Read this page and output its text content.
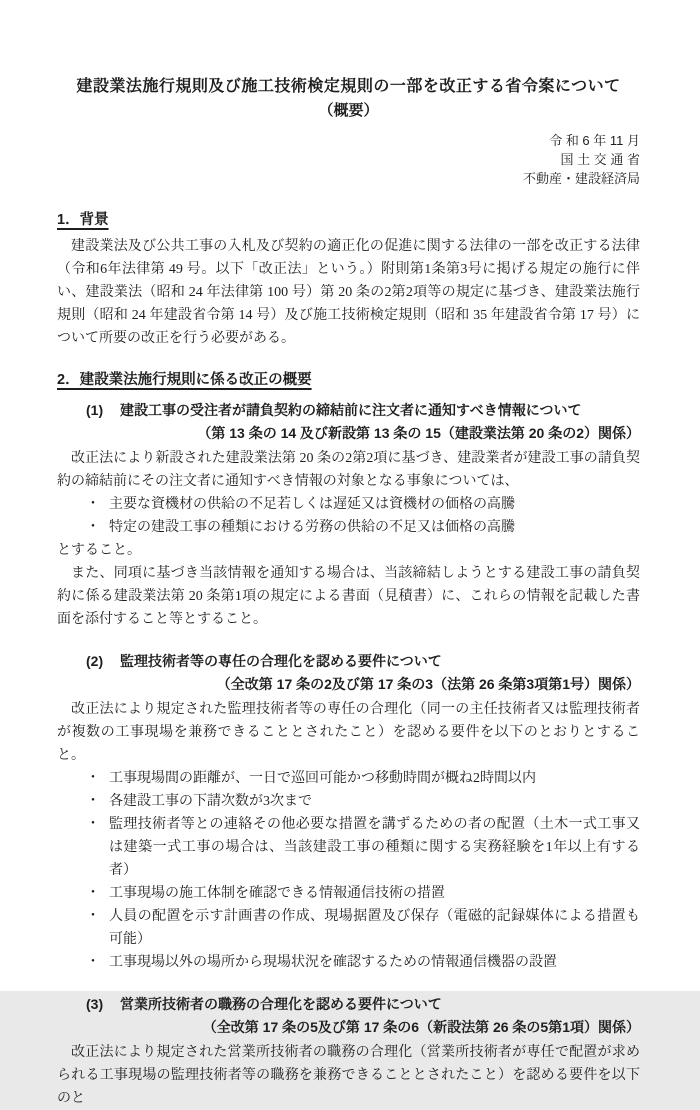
建設業法施行規則及び施工技術検定規則の一部を改正する省令案について
（概要）
令 和 6 年 11 月
国 土 交 通 省
不動産・建設経済局
1．背景

建設業法及び公共工事の入札及び契約の適正化の促進に関する法律の一部を改正する法律（令和6年法律第 49 号。以下「改正法」という。）附則第1条第3号に掲げる規定の施行に伴い、建設業法（昭和 24 年法律第 100 号）第 20 条の2第2項等の規定に基づき、建設業法施行規則（昭和 24 年建設省令第 14 号）及び施工技術検定規則（昭和 35 年建設省令第 17 号）について所要の改正を行う必要がある。

2．建設業法施行規則に係る改正の概要
(1)	建設工事の受注者が請負契約の締結前に注文者に通知すべき情報について
（第 13 条の 14 及び新設第 13 条の 15（建設業法第 20 条の2）関係）

改正法により新設された建設業法第 20 条の2第2項に基づき、建設業者が建設工事の請負契約の締結前にその注文者に通知すべき情報の対象となる事象については、

・ 主要な資機材の供給の不足若しくは遅延又は資機材の価格の高騰
・ 特定の建設工事の種類における労務の供給の不足又は価格の高騰
とすること。

また、同項に基づき当該情報を通知する場合は、当該締結しようとする建設工事の請負契約に係る建設業法第 20 条第1項の規定による書面（見積書）に、これらの情報を記載した書面を添付すること等とすること。

(2)	監理技術者等の専任の合理化を認める要件について
（全改第 17 条の2及び第 17 条の3（法第 26 条第3項第1号）関係）

改正法により規定された監理技術者等の専任の合理化（同一の主任技術者又は監理技術者が複数の工事現場を兼務できることとされたこと）を認める要件を以下のとおりとすること。

・ 工事現場間の距離が、一日で巡回可能かつ移動時間が概ね2時間以内
・ 各建設工事の下請次数が3次まで
・ 監理技術者等との連絡その他必要な措置を講ずるための者の配置（土木一式工事又は建築一式工事の場合は、当該建設工事の種類に関する実務経験を1年以上有する者）
・ 工事現場の施工体制を確認できる情報通信技術の措置
・ 人員の配置を示す計画書の作成、現場据置及び保存（電磁的記録媒体による措置も可能）
・ 工事現場以外の場所から現場状況を確認するための情報通信機器の設置
(3)	営業所技術者の職務の合理化を認める要件について
（全改第 17 条の5及び第 17 条の6（新設法第 26 条の5第1項）関係）

改正法により規定された営業所技術者の職務の合理化（営業所技術者が専任で配置が求められる工事現場の監理技術者等の職務を兼務できることとされたこと）を認める要件を以下のと
